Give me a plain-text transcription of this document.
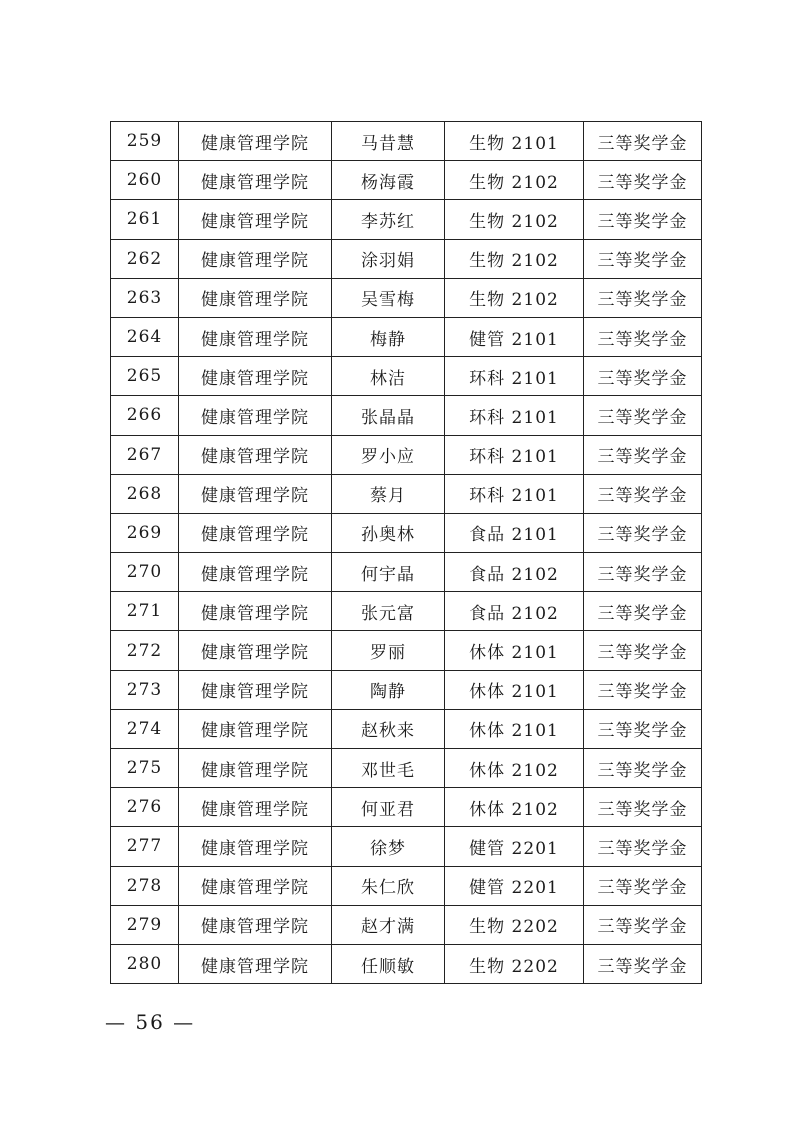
259	健康管理学院	马昔慧	生物 2101	三等奖学金
260	健康管理学院	杨海霞	生物 2102	三等奖学金
261	健康管理学院	李苏红	生物 2102	三等奖学金
262	健康管理学院	涂羽娟	生物 2102	三等奖学金
263	健康管理学院	吴雪梅	生物 2102	三等奖学金
264	健康管理学院	梅静	健管 2101	三等奖学金
265	健康管理学院	林洁	环科 2101	三等奖学金
266	健康管理学院	张晶晶	环科 2101	三等奖学金
267	健康管理学院	罗小应	环科 2101	三等奖学金
268	健康管理学院	蔡月	环科 2101	三等奖学金
269	健康管理学院	孙奥林	食品 2101	三等奖学金
270	健康管理学院	何宇晶	食品 2102	三等奖学金
271	健康管理学院	张元富	食品 2102	三等奖学金
272	健康管理学院	罗丽	休体 2101	三等奖学金
273	健康管理学院	陶静	休体 2101	三等奖学金
274	健康管理学院	赵秋来	休体 2101	三等奖学金
275	健康管理学院	邓世毛	休体 2102	三等奖学金
276	健康管理学院	何亚君	休体 2102	三等奖学金
277	健康管理学院	徐梦	健管 2201	三等奖学金
278	健康管理学院	朱仁欣	健管 2201	三等奖学金
279	健康管理学院	赵才满	生物 2202	三等奖学金
280	健康管理学院	任顺敏	生物 2202	三等奖学金
— 56 —
